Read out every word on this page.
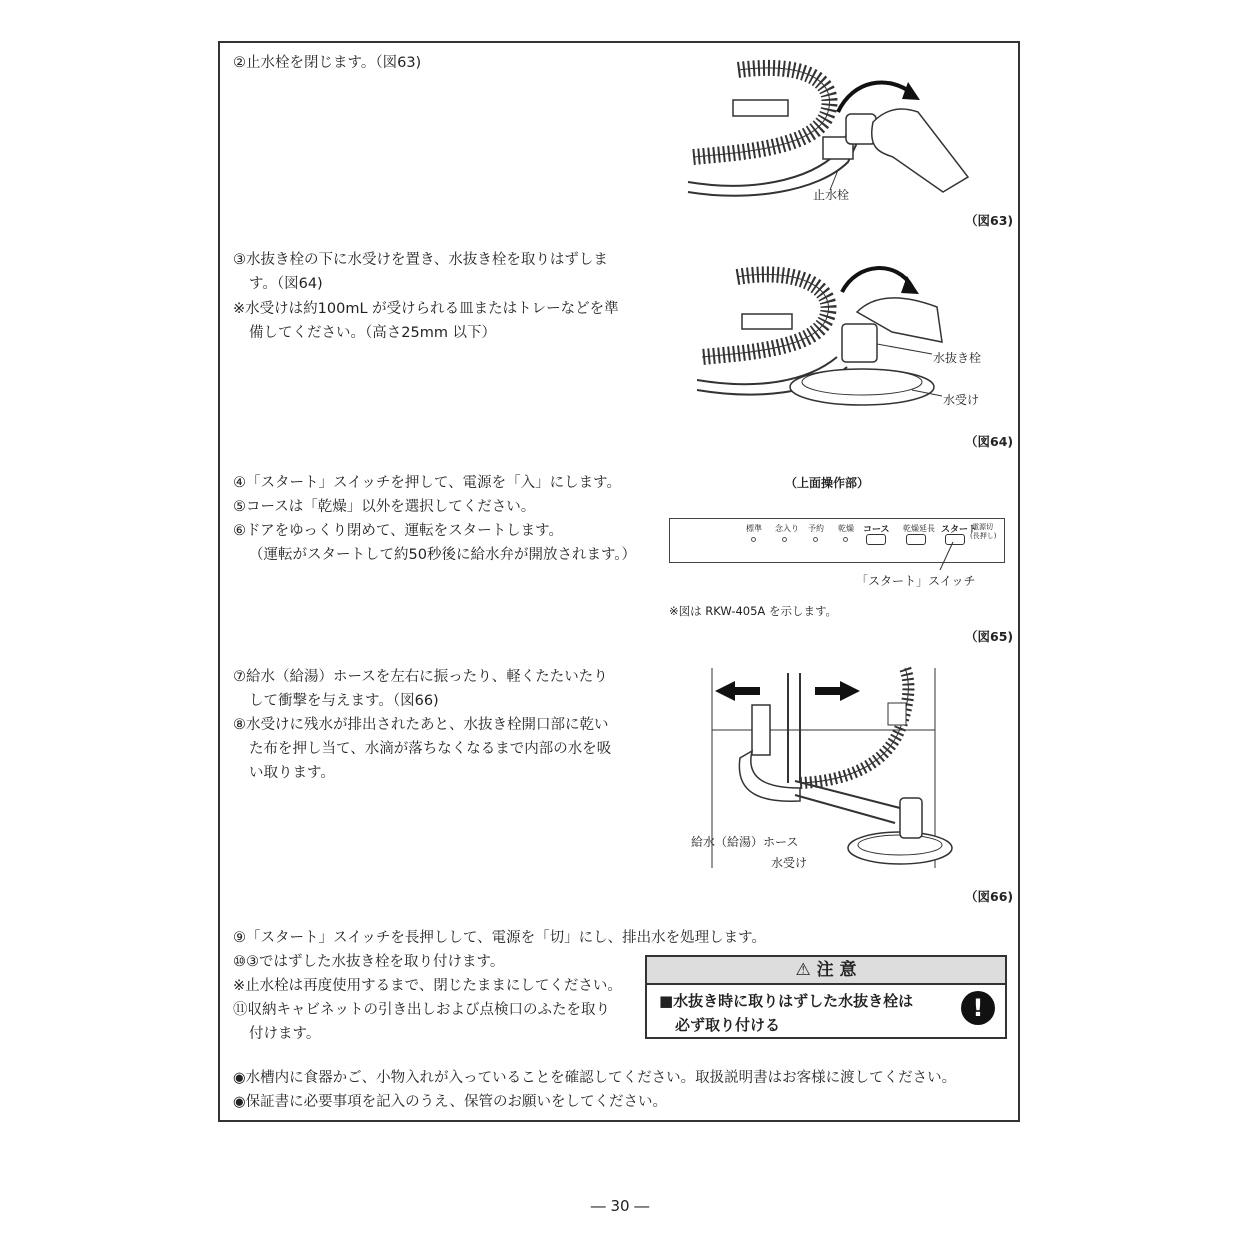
②止水栓を閉じます。（図63)
止水栓
（図63)
③水抜き栓の下に水受けを置き、水抜き栓を取りはずしま
す。（図64)
※水受けは約100mL が受けられる皿またはトレーなどを準
備してください。（高さ25mm 以下）
水抜き栓
水受け
（図64)
④「スタート」スイッチを押して、電源を「入」にします。
⑤コースは「乾燥」以外を選択してください。
⑥ドアをゆっくり閉めて、運転をスタートします。
（運転がスタートして約50秒後に給水弁が開放されます。）
（上面操作部）
標準 念入り 予約 乾燥 コース 乾燥延長 スタート
電源切
(長押し)
「スタート」スイッチ
※図は RKW-405A を示します。
（図65)
⑦給水（給湯）ホースを左右に振ったり、軽くたたいたり
して衝撃を与えます。（図66)
⑧水受けに残水が排出されたあと、水抜き栓開口部に乾い
た布を押し当て、水滴が落ちなくなるまで内部の水を吸
い取ります。
給水（給湯）ホース
水受け
（図66)
⑨「スタート」スイッチを長押しして、電源を「切」にし、排出水を処理します。
⑩③ではずした水抜き栓を取り付けます。
※止水栓は再度使用するまで、閉じたままにしてください。
⑪収納キャビネットの引き出しおよび点検口のふたを取り
付けます。
⚠ 注 意
■水抜き時に取りはずした水抜き栓は
必ず取り付ける
!
◉水槽内に食器かご、小物入れが入っていることを確認してください。取扱説明書はお客様に渡してください。
◉保証書に必要事項を記入のうえ、保管のお願いをしてください。
― 30 ―
